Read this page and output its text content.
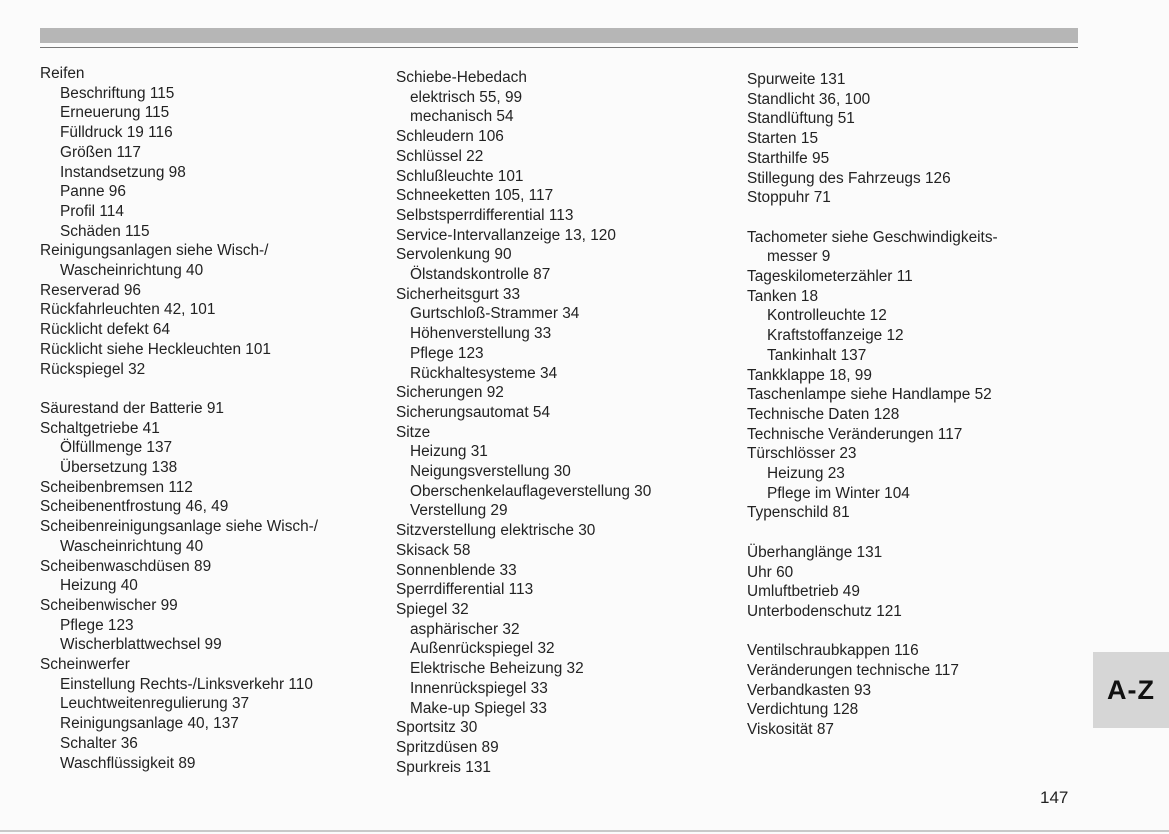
Reifen
Beschriftung 115
Erneuerung 115
Fülldruck 19 116
Größen 117
Instandsetzung 98
Panne 96
Profil 114
Schäden 115
Reinigungsanlagen siehe Wisch-/
Wascheinrichtung 40
Reserverad 96
Rückfahrleuchten 42, 101
Rücklicht defekt 64
Rücklicht siehe Heckleuchten 101
Rückspiegel 32
Säurestand der Batterie 91
Schaltgetriebe 41
Ölfüllmenge 137
Übersetzung 138
Scheibenbremsen 112
Scheibenentfrostung 46, 49
Scheibenreinigungsanlage siehe Wisch-/
Wascheinrichtung 40
Scheibenwaschdüsen 89
Heizung 40
Scheibenwischer 99
Pflege 123
Wischerblattwechsel 99
Scheinwerfer
Einstellung Rechts-/Linksverkehr 110
Leuchtweitenregulierung 37
Reinigungsanlage 40, 137
Schalter 36
Waschflüssigkeit 89
Schiebe-Hebedach
elektrisch 55, 99
mechanisch 54
Schleudern 106
Schlüssel 22
Schlußleuchte 101
Schneeketten 105, 117
Selbstsperrdifferential 113
Service-Intervallanzeige 13, 120
Servolenkung 90
Ölstandskontrolle 87
Sicherheitsgurt 33
Gurtschloß-Strammer 34
Höhenverstellung 33
Pflege 123
Rückhaltesysteme 34
Sicherungen 92
Sicherungsautomat 54
Sitze
Heizung 31
Neigungsverstellung 30
Oberschenkelauflageverstellung 30
Verstellung 29
Sitzverstellung elektrische 30
Skisack 58
Sonnenblende 33
Sperrdifferential 113
Spiegel 32
asphärischer 32
Außenrückspiegel 32
Elektrische Beheizung 32
Innenrückspiegel 33
Make-up Spiegel 33
Sportsitz 30
Spritzdüsen 89
Spurkreis 131
Spurweite 131
Standlicht 36, 100
Standlüftung 51
Starten 15
Starthilfe 95
Stillegung des Fahrzeugs 126
Stoppuhr 71
Tachometer siehe Geschwindigkeits-
messer 9
Tageskilometerzähler 11
Tanken 18
Kontrolleuchte 12
Kraftstoffanzeige 12
Tankinhalt 137
Tankklappe 18, 99
Taschenlampe siehe Handlampe 52
Technische Daten 128
Technische Veränderungen 117
Türschlösser 23
Heizung 23
Pflege im Winter 104
Typenschild 81
Überhanglänge 131
Uhr 60
Umluftbetrieb 49
Unterbodenschutz 121
Ventilschraubkappen 116
Veränderungen technische 117
Verbandkasten 93
Verdichtung 128
Viskosität 87
A-Z
147
